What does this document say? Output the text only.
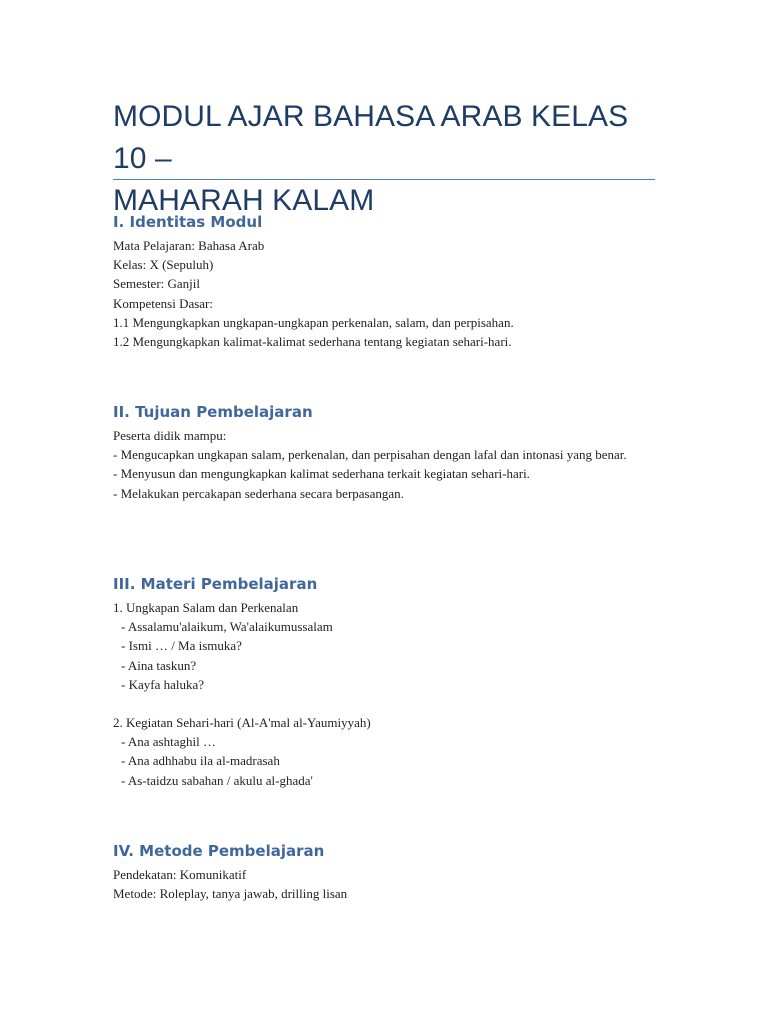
MODUL AJAR BAHASA ARAB KELAS 10 –
MAHARAH KALAM
I. Identitas Modul
Mata Pelajaran: Bahasa Arab
Kelas: X (Sepuluh)
Semester: Ganjil
Kompetensi Dasar:
1.1 Mengungkapkan ungkapan-ungkapan perkenalan, salam, dan perpisahan.
1.2 Mengungkapkan kalimat-kalimat sederhana tentang kegiatan sehari-hari.
II. Tujuan Pembelajaran
Peserta didik mampu:
- Mengucapkan ungkapan salam, perkenalan, dan perpisahan dengan lafal dan intonasi yang benar.
- Menyusun dan mengungkapkan kalimat sederhana terkait kegiatan sehari-hari.
- Melakukan percakapan sederhana secara berpasangan.
III. Materi Pembelajaran
1. Ungkapan Salam dan Perkenalan
- Assalamu'alaikum, Wa'alaikumussalam
- Ismi … / Ma ismuka?
- Aina taskun?
- Kayfa haluka?
2. Kegiatan Sehari-hari (Al-A'mal al-Yaumiyyah)
- Ana ashtaghil …
- Ana adhhabu ila al-madrasah
- As-taidzu sabahan / akulu al-ghada'
IV. Metode Pembelajaran
Pendekatan: Komunikatif
Metode: Roleplay, tanya jawab, drilling lisan
